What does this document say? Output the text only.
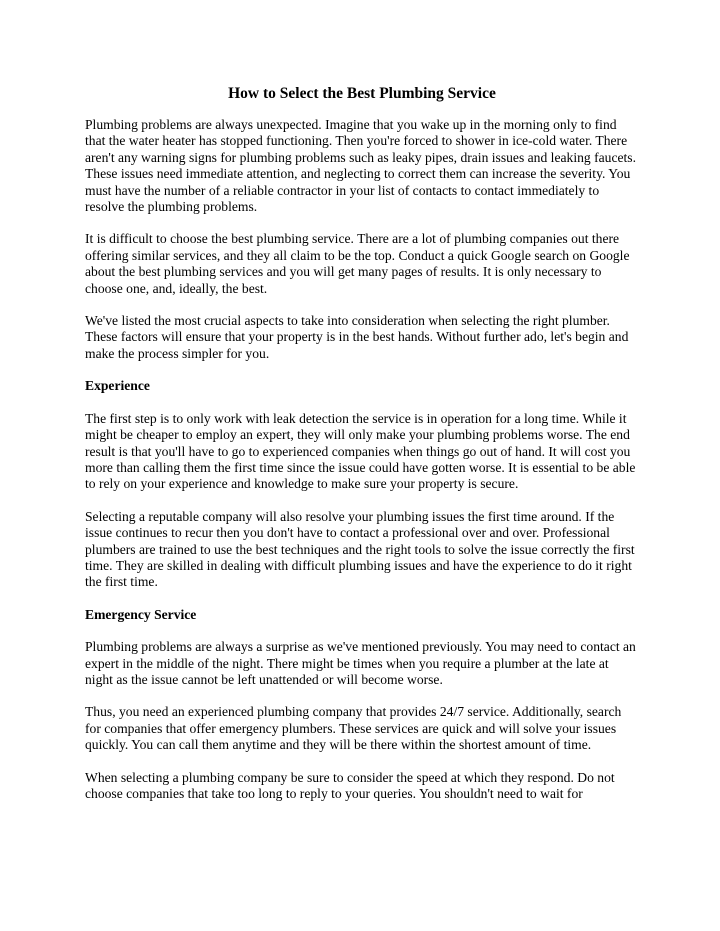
How to Select the Best Plumbing Service
Plumbing problems are always unexpected. Imagine that you wake up in the morning only to find that the water heater has stopped functioning. Then you're forced to shower in ice-cold water. There aren't any warning signs for plumbing problems such as leaky pipes, drain issues and leaking faucets. These issues need immediate attention, and neglecting to correct them can increase the severity. You must have the number of a reliable contractor in your list of contacts to contact immediately to resolve the plumbing problems.
It is difficult to choose the best plumbing service. There are a lot of plumbing companies out there offering similar services, and they all claim to be the top. Conduct a quick Google search on Google about the best plumbing services and you will get many pages of results. It is only necessary to choose one, and, ideally, the best.
We've listed the most crucial aspects to take into consideration when selecting the right plumber. These factors will ensure that your property is in the best hands. Without further ado, let's begin and make the process simpler for you.
Experience
The first step is to only work with leak detection the service is in operation for a long time. While it might be cheaper to employ an expert, they will only make your plumbing problems worse. The end result is that you'll have to go to experienced companies when things go out of hand. It will cost you more than calling them the first time since the issue could have gotten worse. It is essential to be able to rely on your experience and knowledge to make sure your property is secure.
Selecting a reputable company will also resolve your plumbing issues the first time around. If the issue continues to recur then you don't have to contact a professional over and over. Professional plumbers are trained to use the best techniques and the right tools to solve the issue correctly the first time. They are skilled in dealing with difficult plumbing issues and have the experience to do it right the first time.
Emergency Service
Plumbing problems are always a surprise as we've mentioned previously. You may need to contact an expert in the middle of the night. There might be times when you require a plumber at the late at night as the issue cannot be left unattended or will become worse.
Thus, you need an experienced plumbing company that provides 24/7 service. Additionally, search for companies that offer emergency plumbers. These services are quick and will solve your issues quickly. You can call them anytime and they will be there within the shortest amount of time.
When selecting a plumbing company be sure to consider the speed at which they respond. Do not choose companies that take too long to reply to your queries. You shouldn't need to wait for
